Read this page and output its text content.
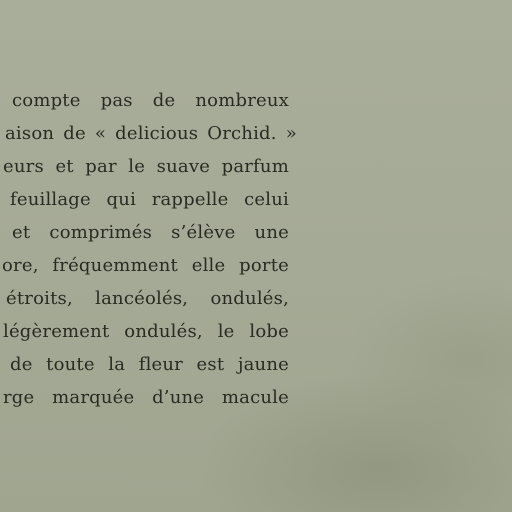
compte pas de nombreux
aison de « delicious Orchid. »
eurs et par le suave parfum
feuillage qui rappelle celui
et comprimés s’élève une
ore, fréquemment elle porte
étroits, lancéolés, ondulés,
légèrement ondulés, le lobe
de toute la fleur est jaune
rge marquée d’une macule
